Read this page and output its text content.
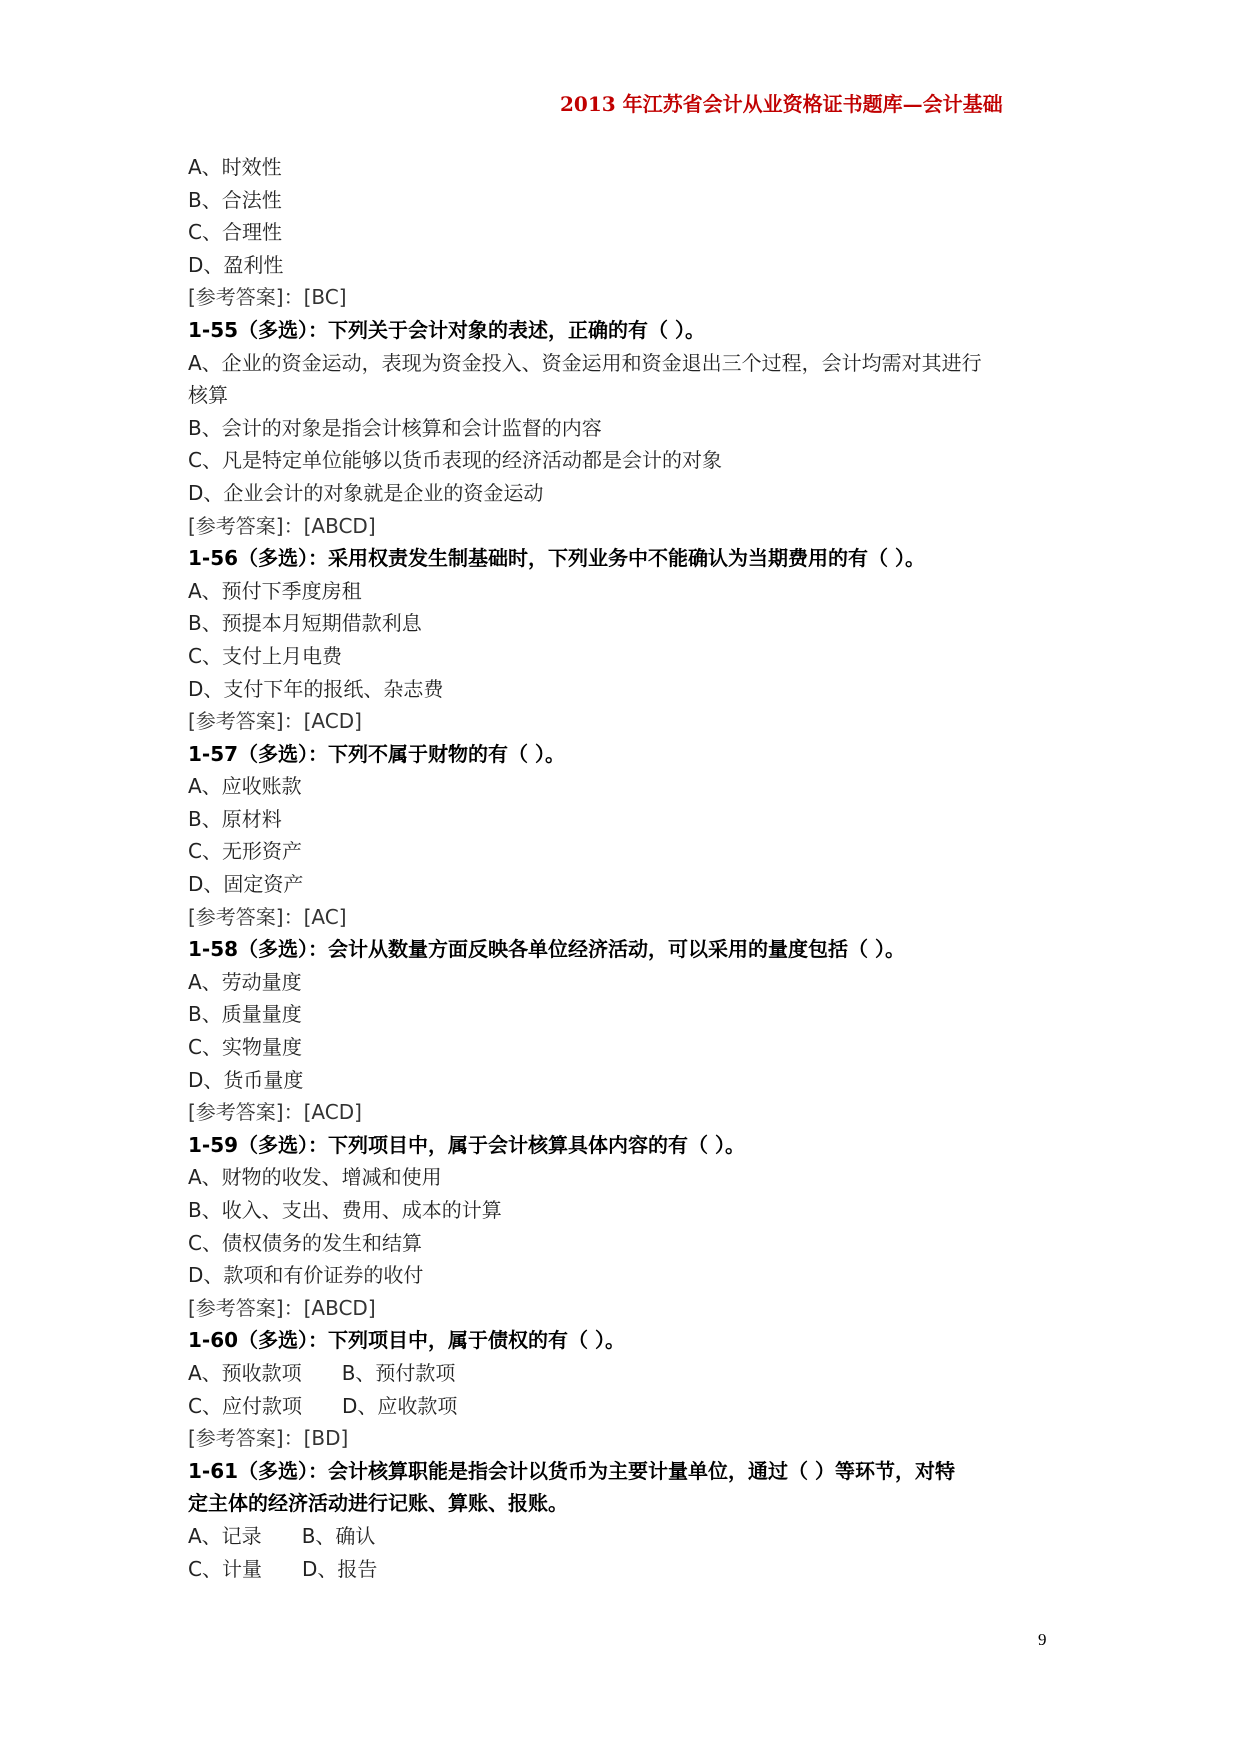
2013 年江苏省会计从业资格证书题库—会计基础
A、时效性
B、合法性
C、合理性
D、盈利性
[参考答案]：[BC]
1-55（多选）：下列关于会计对象的表述，正确的有（ ）。
A、企业的资金运动，表现为资金投入、资金运用和资金退出三个过程，会计均需对其进行
核算
B、会计的对象是指会计核算和会计监督的内容
C、凡是特定单位能够以货币表现的经济活动都是会计的对象
D、企业会计的对象就是企业的资金运动
[参考答案]：[ABCD]
1-56（多选）：采用权责发生制基础时，下列业务中不能确认为当期费用的有（ ）。
A、预付下季度房租
B、预提本月短期借款利息
C、支付上月电费
D、支付下年的报纸、杂志费
[参考答案]：[ACD]
1-57（多选）：下列不属于财物的有（ ）。
A、应收账款
B、原材料
C、无形资产
D、固定资产
[参考答案]：[AC]
1-58（多选）：会计从数量方面反映各单位经济活动，可以采用的量度包括（ ）。
A、劳动量度
B、质量量度
C、实物量度
D、货币量度
[参考答案]：[ACD]
1-59（多选）：下列项目中，属于会计核算具体内容的有（ ）。
A、财物的收发、增减和使用
B、收入、支出、费用、成本的计算
C、债权债务的发生和结算
D、款项和有价证券的收付
[参考答案]：[ABCD]
1-60（多选）：下列项目中，属于债权的有（ ）。
A、预收款项 B、预付款项
C、应付款项 D、应收款项
[参考答案]：[BD]
1-61（多选）：会计核算职能是指会计以货币为主要计量单位，通过（ ）等环节，对特
定主体的经济活动进行记账、算账、报账。
A、记录 B、确认
C、计量 D、报告
9
